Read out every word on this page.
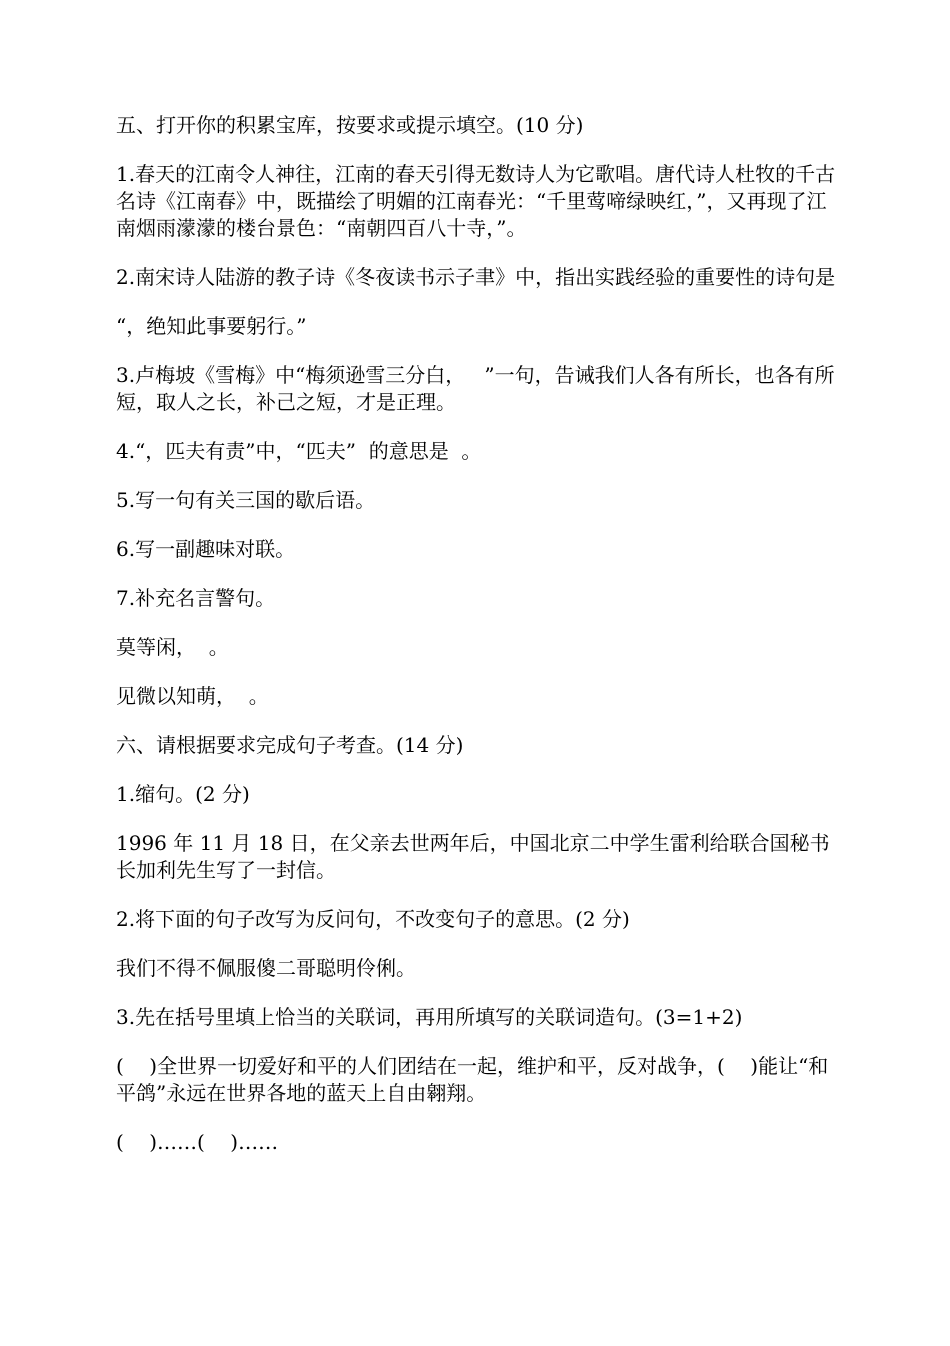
五、打开你的积累宝库，按要求或提示填空。(10 分)

1.春天的江南令人神往，江南的春天引得无数诗人为它歌唱。唐代诗人杜牧的千古名诗《江南春》中，既描绘了明媚的江南春光：“千里莺啼绿映红，”，又再现了江南烟雨濛濛的楼台景色：“南朝四百八十寺，”。

2.南宋诗人陆游的教子诗《冬夜读书示子聿》中，指出实践经验的重要性的诗句是

“，绝知此事要躬行。”

3.卢梅坡《雪梅》中“梅须逊雪三分白，   ”一句，告诫我们人各有所长，也各有所短，取人之长，补己之短，才是正理。

4.“，匹夫有责”中，“匹夫”  的意思是  。

5.写一句有关三国的歇后语。

6.写一副趣味对联。

7.补充名言警句。

莫等闲，  。

见微以知萌，  。

六、请根据要求完成句子考查。(14 分)

1.缩句。(2 分)

1996 年 11 月 18 日，在父亲去世两年后，中国北京二中学生雷利给联合国秘书长加利先生写了一封信。

2.将下面的句子改写为反问句，不改变句子的意思。(2 分)

我们不得不佩服傻二哥聪明伶俐。

3.先在括号里填上恰当的关联词，再用所填写的关联词造句。(3=1+2)

(    )全世界一切爱好和平的人们团结在一起，维护和平，反对战争，(    )能让“和平鸽”永远在世界各地的蓝天上自由翱翔。

(    )……(    )……
